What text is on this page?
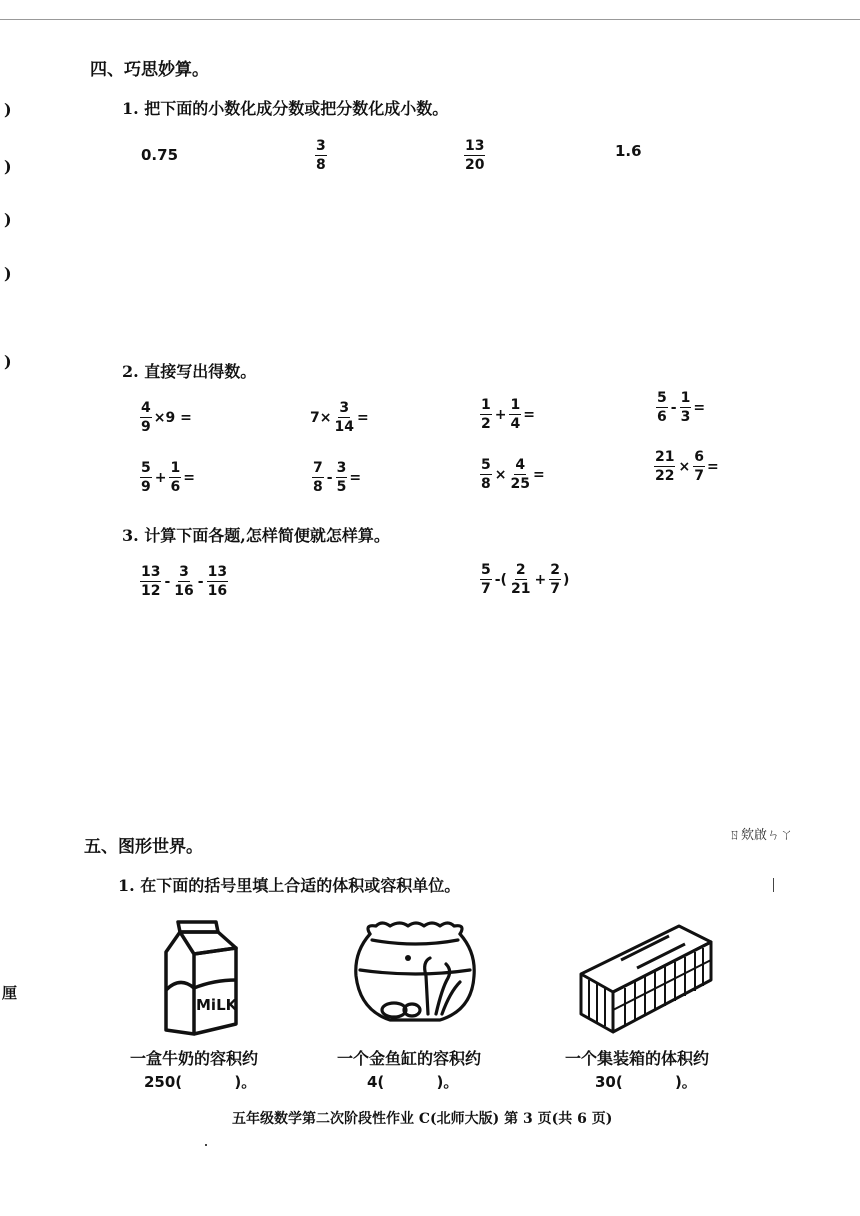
)
)
)
)
)
厘
四、巧思妙算。
1. 把下面的小数化成分数或把分数化成小数。
0.75	$\frac{3}{8}$	$\frac{13}{20}$	1.6
2. 直接写出得数。
$\frac{4}{9} \times 9$ =	$7\times \frac{3}{14}$ =	$\frac{1}{2} + \frac{1}{4}$ =	$\frac{5}{6} - \frac{1}{3}$ =
$\frac{5}{9} + \frac{1}{6}$ =	$\frac{7}{8} - \frac{3}{5}$ =	$\frac{5}{8} \times \frac{4}{25}$ =	$\frac{21}{22} \times \frac{6}{7}$ =
3. 计算下面各题,怎样简便就怎样算。
$\frac{13}{12} - \frac{3}{16} - \frac{13}{16}$	$\frac{5}{7}$ -( $\frac{2}{21} + \frac{2}{7}$ )
五、图形世界。
ㄖ欸啟ㄣㄚ
1. 在下面的括号里填上合适的体积或容积单位。
MiLK
一盒牛奶的容积约
250(          )。
一个金鱼缸的容积约
4(          )。
一个集装箱的体积约
30(          )。
五年级数学第二次阶段性作业 C(北师大版) 第 3 页(共 6 页)
